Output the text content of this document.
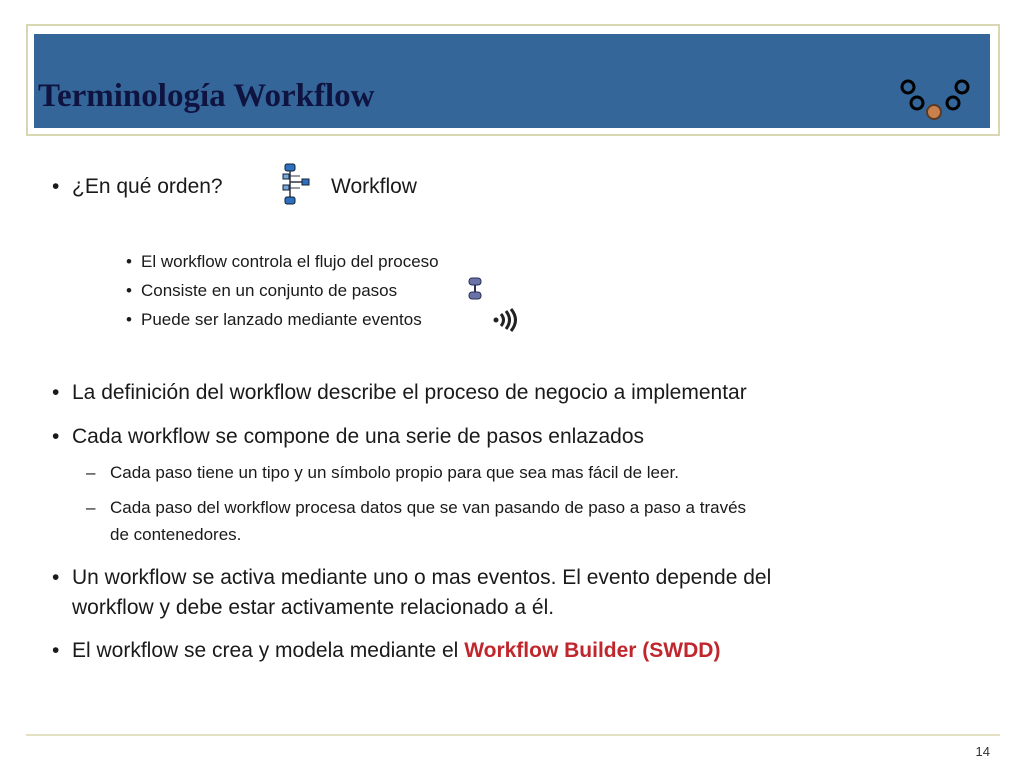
Terminología Workflow
• ¿En qué orden?	Workflow
• El workflow controla el flujo del proceso
• Consiste en un conjunto de pasos
• Puede ser lanzado mediante eventos
• La definición del workflow describe el proceso de negocio a implementar
• Cada workflow se compone de una serie de pasos enlazados
– Cada paso tiene un tipo y un símbolo propio para que sea mas fácil de leer.
– Cada paso del workflow procesa datos que se van pasando de paso a paso a través
de contenedores.
• Un workflow se activa mediante uno o mas eventos. El evento depende del
workflow y debe estar activamente relacionado a él.
• El workflow se crea y modela mediante el Workflow Builder (SWDD)
14
